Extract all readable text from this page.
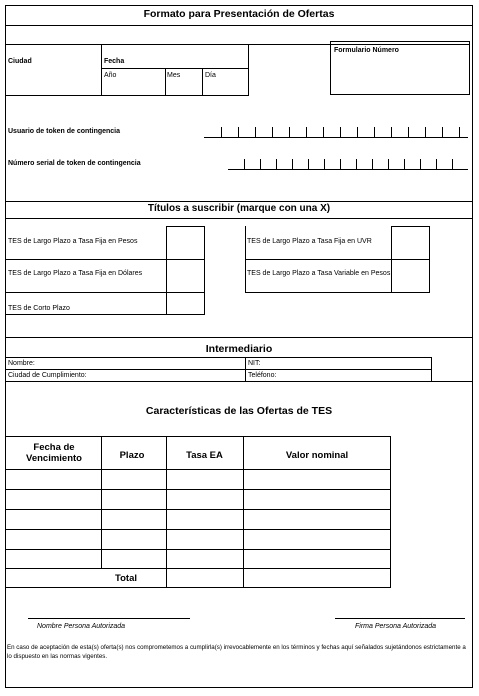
Formato para Presentación de Ofertas
Ciudad	Fecha
Año	Mes	Día
Formulario Número
Usuario de token de contingencia
Número serial de token de contingencia
Títulos a suscribir (marque con una X)
TES de Largo Plazo a Tasa Fija en Pesos
TES de Largo Plazo a Tasa Fija en Dólares
TES de Corto Plazo
TES de Largo Plazo a Tasa Fija en UVR
TES de Largo Plazo a Tasa Variable en Pesos
Intermediario
Nombre:	NIT:
Ciudad de Cumplimiento:	Teléfono:
Características de las Ofertas de TES
Fecha de Vencimiento	Plazo	Tasa EA	Valor nominal
Total
Nombre Persona Autorizada	Firma Persona Autorizada
En caso de aceptación de esta(s) oferta(s) nos comprometemos a cumplirla(s) irrevocablemente en los términos y fechas aquí señalados sujetándonos estrictamente a lo dispuesto en las normas vigentes.
